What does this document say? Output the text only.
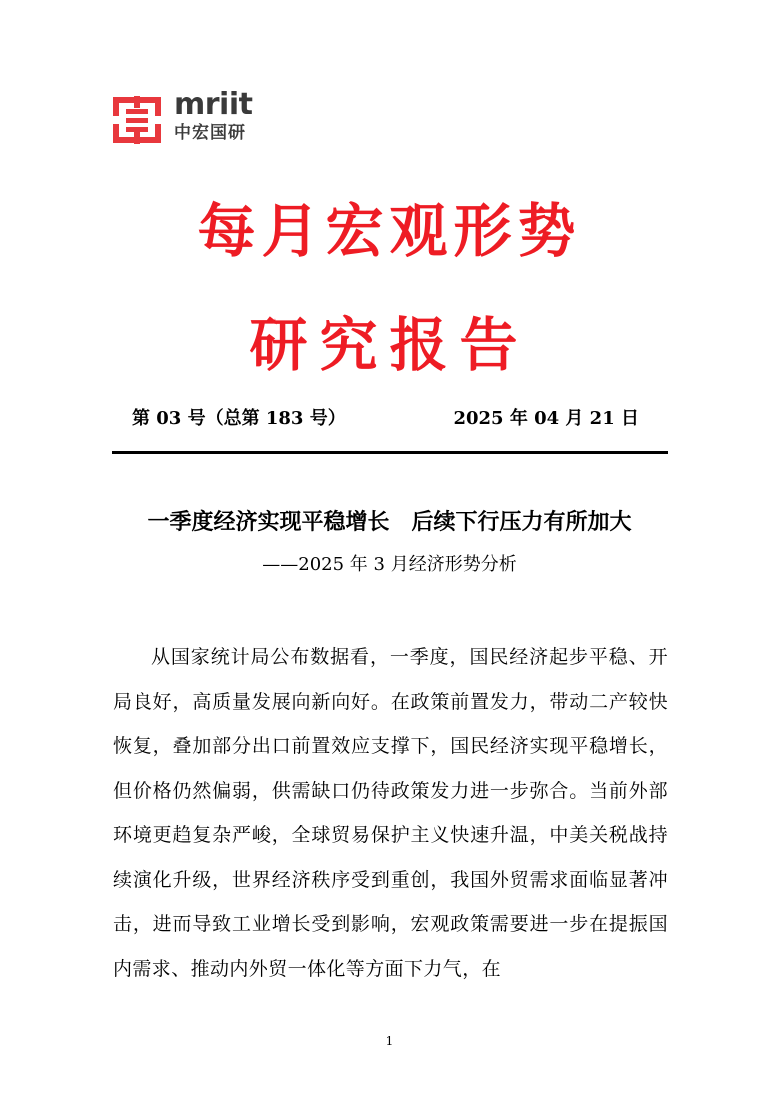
mriit
中宏国研
每月宏观形势
研究报告
第 03 号（总第 183 号）	2025 年 04 月 21 日
一季度经济实现平稳增长　后续下行压力有所加大
——2025 年 3 月经济形势分析

从国家统计局公布数据看，一季度，国民经济起步平稳、开局良好，高质量发展向新向好。在政策前置发力，带动二产较快恢复，叠加部分出口前置效应支撑下，国民经济实现平稳增长，但价格仍然偏弱，供需缺口仍待政策发力进一步弥合。当前外部环境更趋复杂严峻，全球贸易保护主义快速升温，中美关税战持续演化升级，世界经济秩序受到重创，我国外贸需求面临显著冲击，进而导致工业增长受到影响，宏观政策需要进一步在提振国内需求、推动内外贸一体化等方面下力气，在

1
